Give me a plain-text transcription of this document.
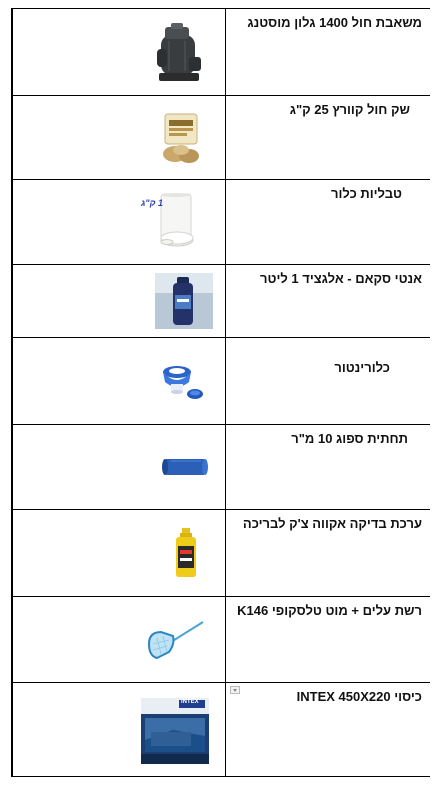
משאבת חול 1400 גלון מוסטנג
שק חול קוורץ 25 ק"ג
טבליות כלור
1 ק"ג
אנטי סקאם - אלגציד 1 ליטר
כלורינטור
תחתית ספוג 10 מ"ר
ערכת בדיקה אקווה צ'ק לבריכה
רשת עלים + מוט טלסקופי K146
כיסוי INTEX 450X220
INTEX
